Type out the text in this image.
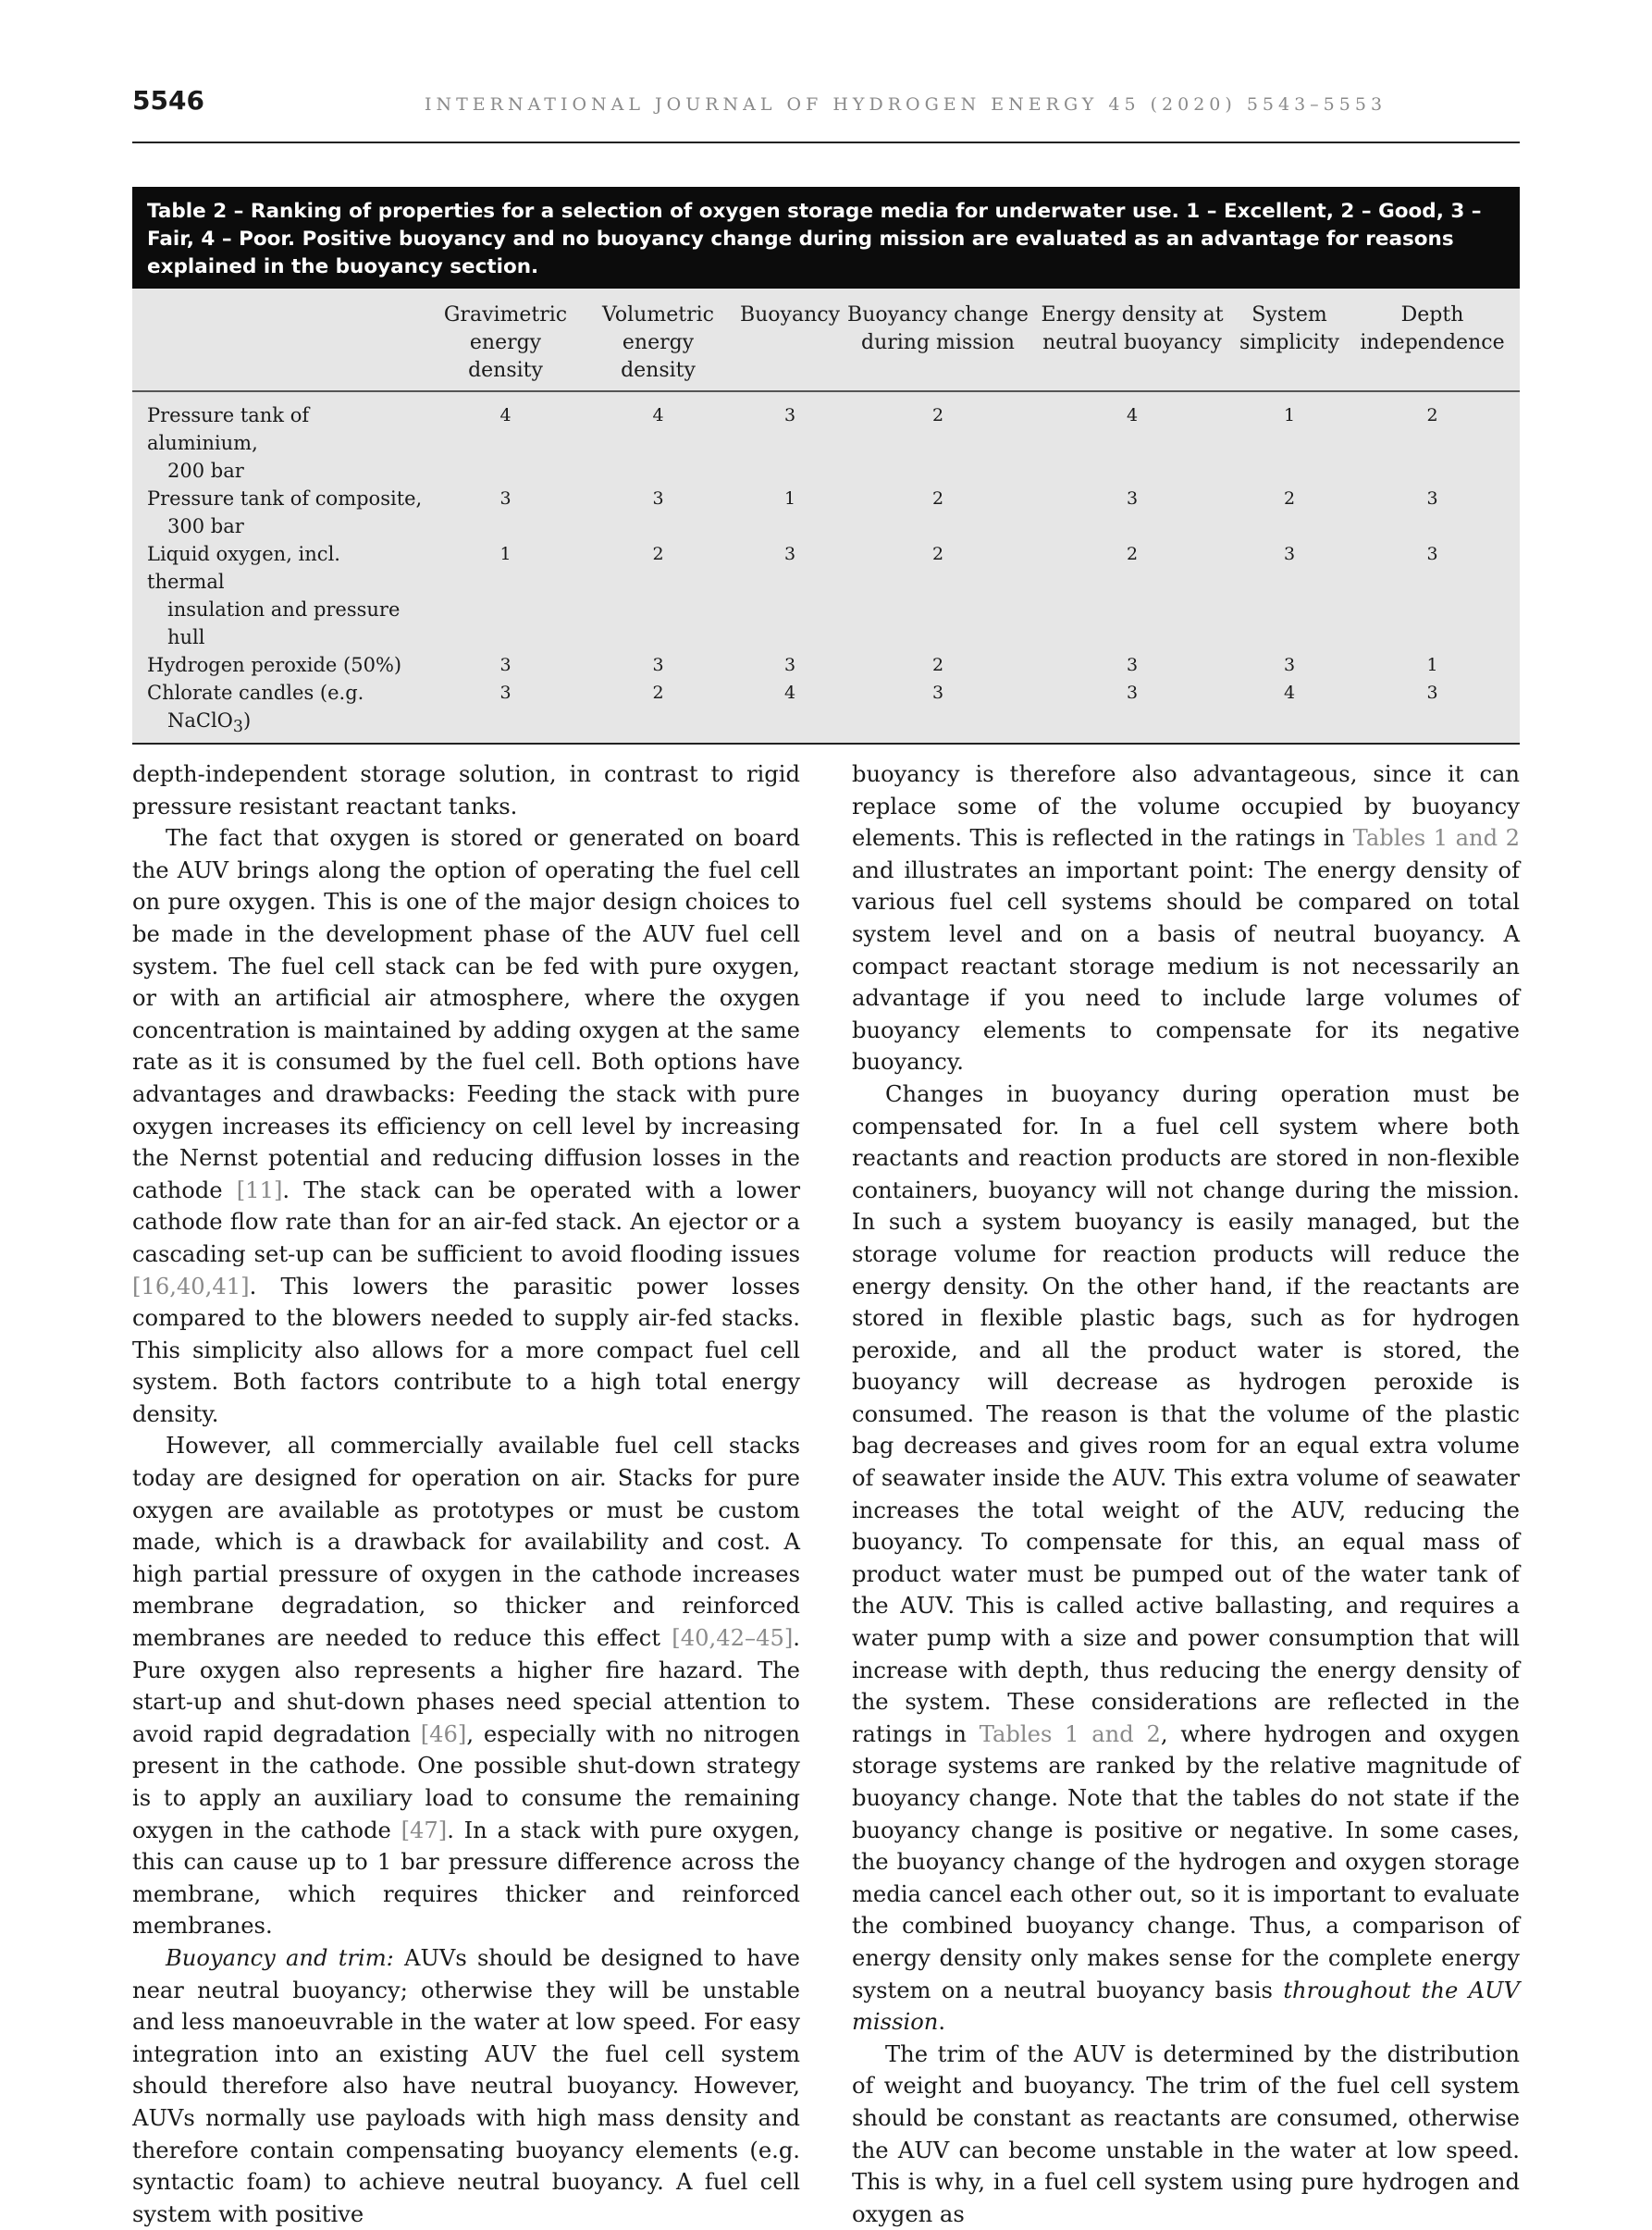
5546	INTERNATIONAL JOURNAL OF HYDROGEN ENERGY 45 (2020) 5543–5553
Table 2 – Ranking of properties for a selection of oxygen storage media for underwater use. 1 – Excellent, 2 – Good, 3 – Fair, 4 – Poor. Positive buoyancy and no buoyancy change during mission are evaluated as an advantage for reasons explained in the buoyancy section.
	Gravimetric energy density	Volumetric energy density	Buoyancy	Buoyancy change during mission	Energy density at neutral buoyancy	System simplicity	Depth independence
Pressure tank of aluminium,
200 bar	4	4	3	2	4	1	2
Pressure tank of composite,
300 bar	3	3	1	2	3	2	3
Liquid oxygen, incl. thermal
insulation and pressure
hull	1	2	3	2	2	3	3
Hydrogen peroxide (50%)	3	3	3	2	3	3	1
Chlorate candles (e.g.
NaClO$_3$)	3	2	4	3	3	4	3

depth-independent storage solution, in contrast to rigid pressure resistant reactant tanks.

The fact that oxygen is stored or generated on board the AUV brings along the option of operating the fuel cell on pure oxygen. This is one of the major design choices to be made in the development phase of the AUV fuel cell system. The fuel cell stack can be fed with pure oxygen, or with an artificial air atmosphere, where the oxygen concentration is maintained by adding oxygen at the same rate as it is consumed by the fuel cell. Both options have advantages and drawbacks: Feeding the stack with pure oxygen increases its efficiency on cell level by increasing the Nernst potential and reducing diffusion losses in the cathode [11]. The stack can be operated with a lower cathode flow rate than for an air-fed stack. An ejector or a cascading set-up can be sufficient to avoid flooding issues [16,40,41]. This lowers the parasitic power losses compared to the blowers needed to supply air-fed stacks. This simplicity also allows for a more compact fuel cell system. Both factors contribute to a high total energy density.

However, all commercially available fuel cell stacks today are designed for operation on air. Stacks for pure oxygen are available as prototypes or must be custom made, which is a drawback for availability and cost. A high partial pressure of oxygen in the cathode increases membrane degradation, so thicker and reinforced membranes are needed to reduce this effect [40,42–45]. Pure oxygen also represents a higher fire hazard. The start-up and shut-down phases need special attention to avoid rapid degradation [46], especially with no nitrogen present in the cathode. One possible shut-down strategy is to apply an auxiliary load to consume the remaining oxygen in the cathode [47]. In a stack with pure oxygen, this can cause up to 1 bar pressure difference across the membrane, which requires thicker and reinforced membranes.

Buoyancy and trim: AUVs should be designed to have near neutral buoyancy; otherwise they will be unstable and less manoeuvrable in the water at low speed. For easy integration into an existing AUV the fuel cell system should therefore also have neutral buoyancy. However, AUVs normally use payloads with high mass density and therefore contain compensating buoyancy elements (e.g. syntactic foam) to achieve neutral buoyancy. A fuel cell system with positive

buoyancy is therefore also advantageous, since it can replace some of the volume occupied by buoyancy elements. This is reflected in the ratings in Tables 1 and 2 and illustrates an important point: The energy density of various fuel cell systems should be compared on total system level and on a basis of neutral buoyancy. A compact reactant storage medium is not necessarily an advantage if you need to include large volumes of buoyancy elements to compensate for its negative buoyancy.

Changes in buoyancy during operation must be compensated for. In a fuel cell system where both reactants and reaction products are stored in non-flexible containers, buoyancy will not change during the mission. In such a system buoyancy is easily managed, but the storage volume for reaction products will reduce the energy density. On the other hand, if the reactants are stored in flexible plastic bags, such as for hydrogen peroxide, and all the product water is stored, the buoyancy will decrease as hydrogen peroxide is consumed. The reason is that the volume of the plastic bag decreases and gives room for an equal extra volume of seawater inside the AUV. This extra volume of seawater increases the total weight of the AUV, reducing the buoyancy. To compensate for this, an equal mass of product water must be pumped out of the water tank of the AUV. This is called active ballasting, and requires a water pump with a size and power consumption that will increase with depth, thus reducing the energy density of the system. These considerations are reflected in the ratings in Tables 1 and 2, where hydrogen and oxygen storage systems are ranked by the relative magnitude of buoyancy change. Note that the tables do not state if the buoyancy change is positive or negative. In some cases, the buoyancy change of the hydrogen and oxygen storage media cancel each other out, so it is important to evaluate the combined buoyancy change. Thus, a comparison of energy density only makes sense for the complete energy system on a neutral buoyancy basis throughout the AUV mission.

The trim of the AUV is determined by the distribution of weight and buoyancy. The trim of the fuel cell system should be constant as reactants are consumed, otherwise the AUV can become unstable in the water at low speed. This is why, in a fuel cell system using pure hydrogen and oxygen as
